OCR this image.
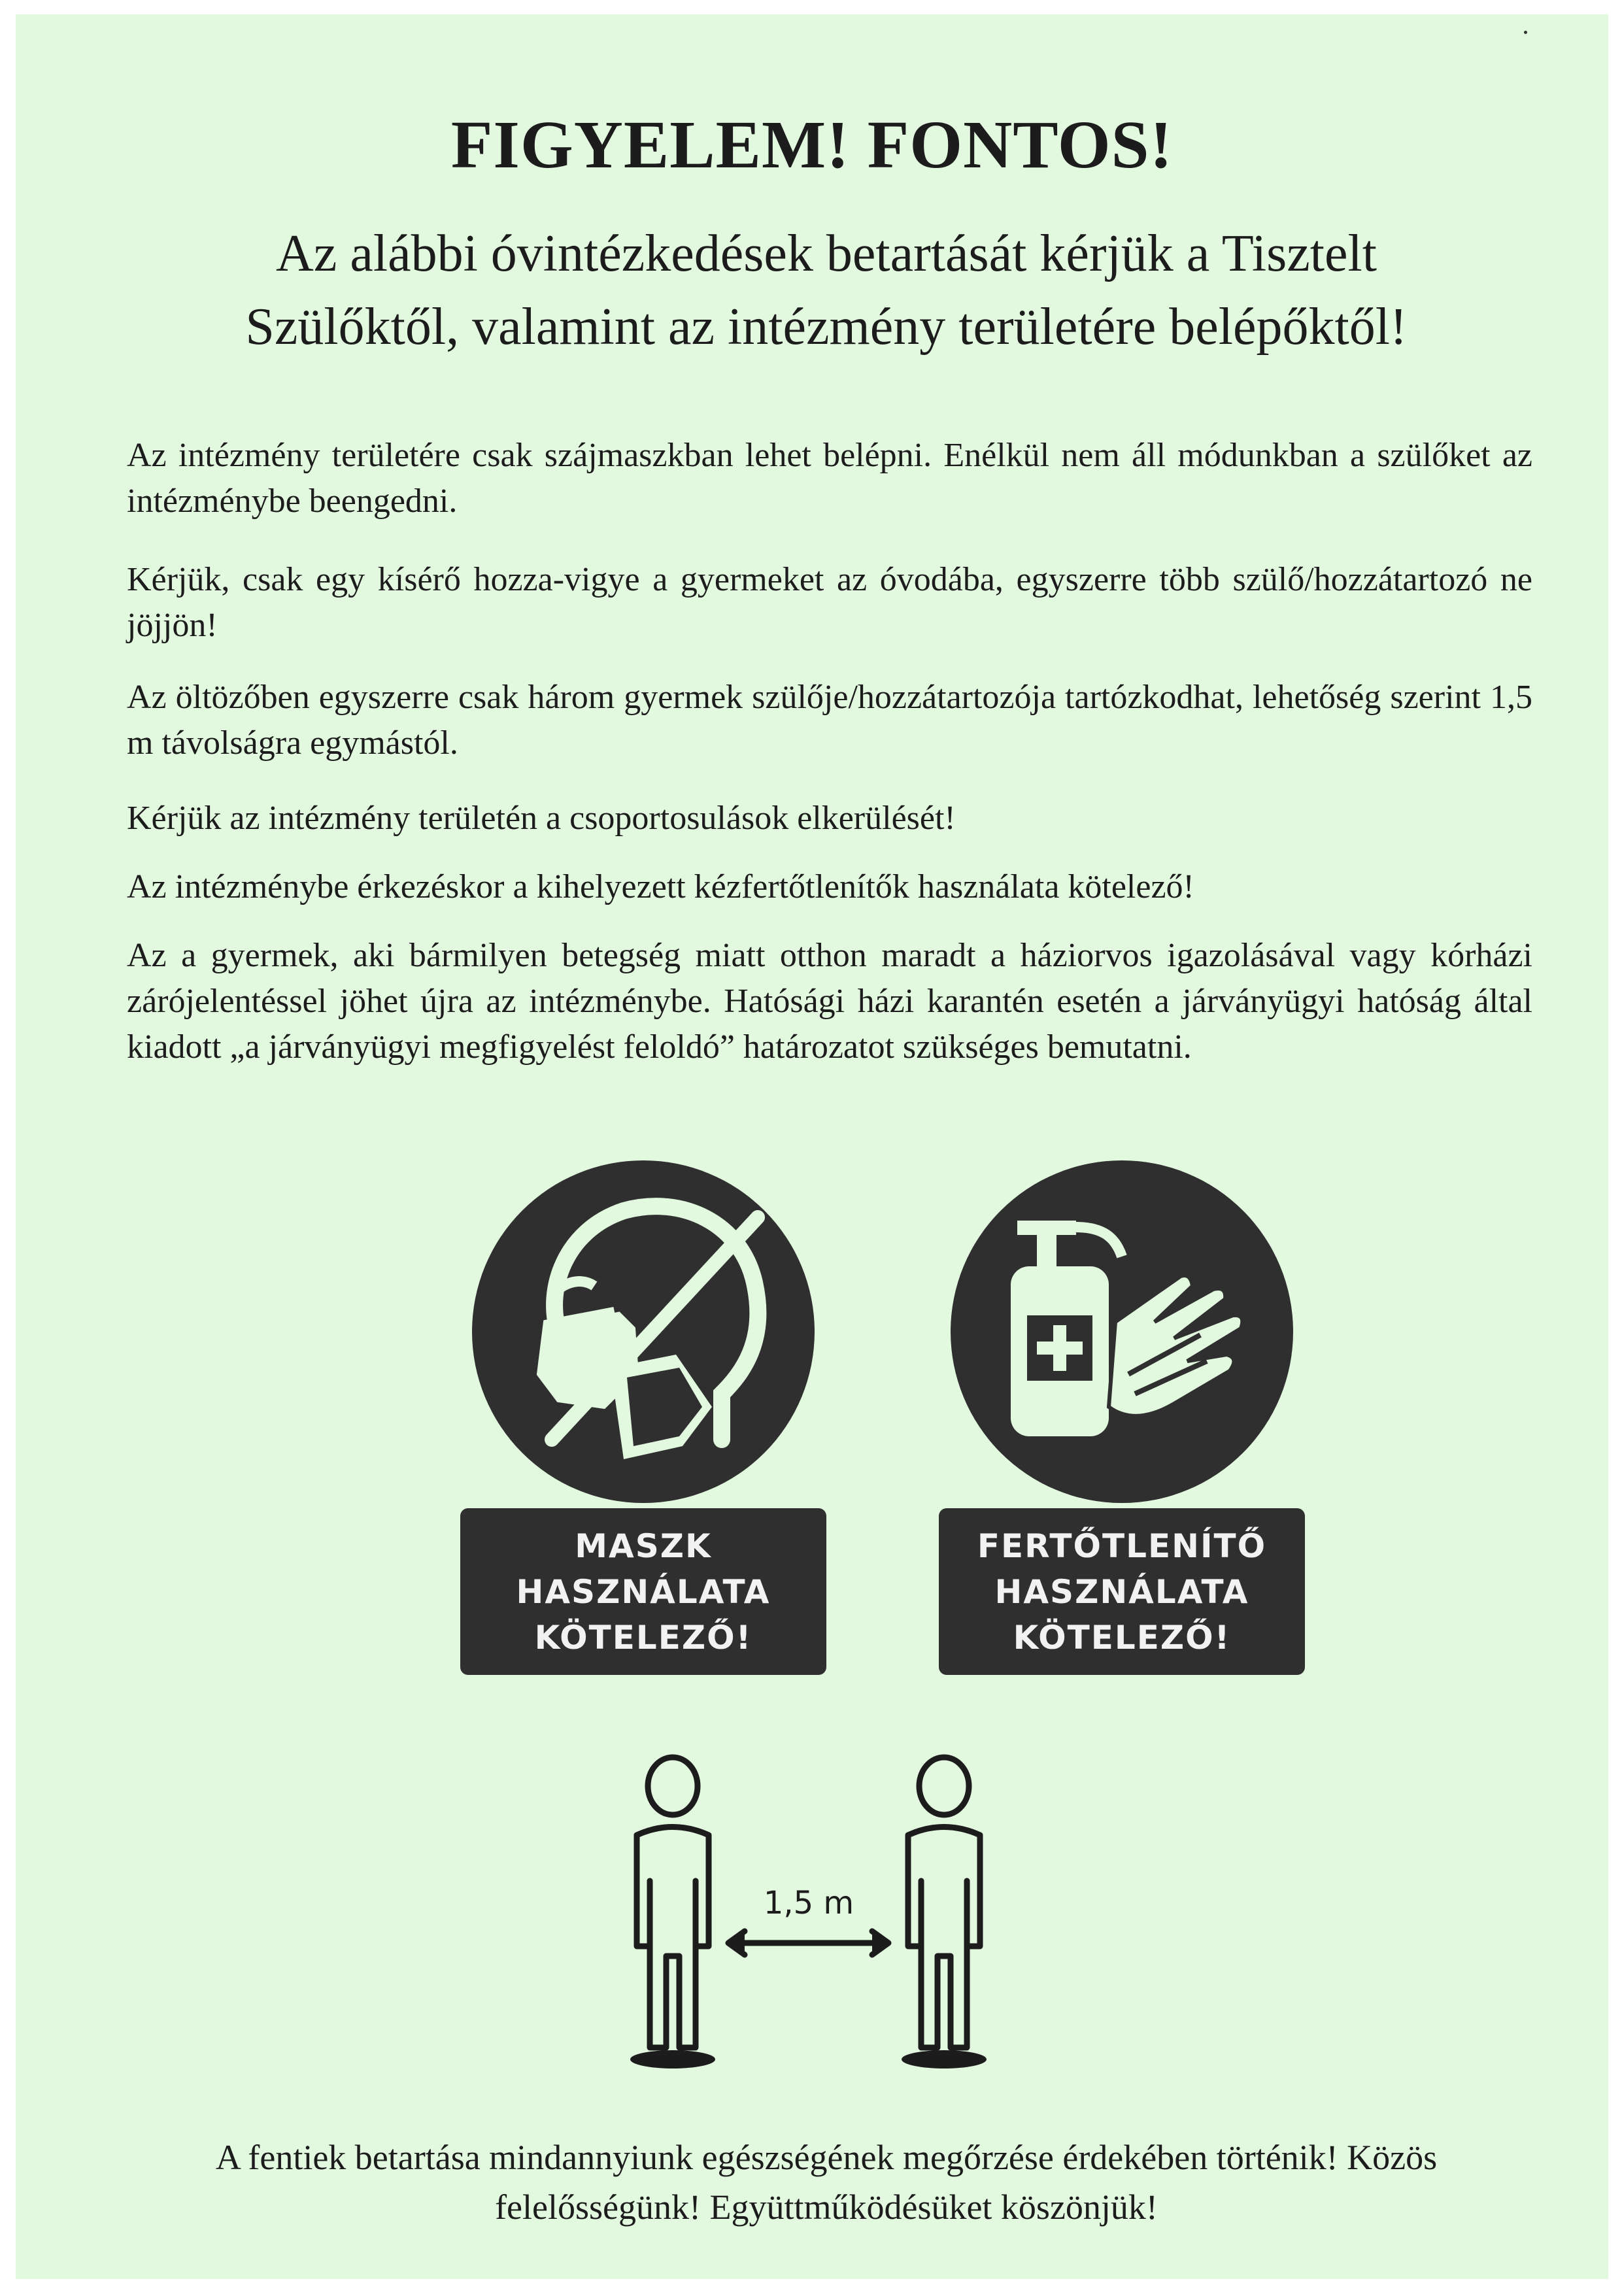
FIGYELEM! FONTOS!

Az alábbi óvintézkedések betartását kérjük a Tisztelt Szülőktől, valamint az intézmény területére belépőktől!

Az intézmény területére csak szájmaszkban lehet belépni. Enélkül nem áll módunkban a szülőket az intézménybe beengedni.

Kérjük, csak egy kísérő hozza-vigye a gyermeket az óvodába, egyszerre több szülő/hozzátartozó ne jöjjön!

Az öltözőben egyszerre csak három gyermek szülője/hozzátartozója tartózkodhat, lehetőség szerint 1,5 m távolságra egymástól.

Kérjük az intézmény területén a csoportosulások elkerülését!

Az intézménybe érkezéskor a kihelyezett kézfertőtlenítők használata kötelező!

Az a gyermek, aki bármilyen betegség miatt otthon maradt a háziorvos igazolásával vagy kórházi zárójelentéssel jöhet újra az intézménybe. Hatósági házi karantén esetén a járványügyi hatóság által kiadott „a járványügyi megfigyelést feloldó” határozatot szükséges bemutatni.

MASZK
HASZNÁLATA
KÖTELEZŐ!
FERTŐTLENÍTŐ
HASZNÁLATA
KÖTELEZŐ!
1,5 m

A fentiek betartása mindannyiunk egészségének megőrzése érdekében történik! Közös felelősségünk! Együttműködésüket köszönjük!
